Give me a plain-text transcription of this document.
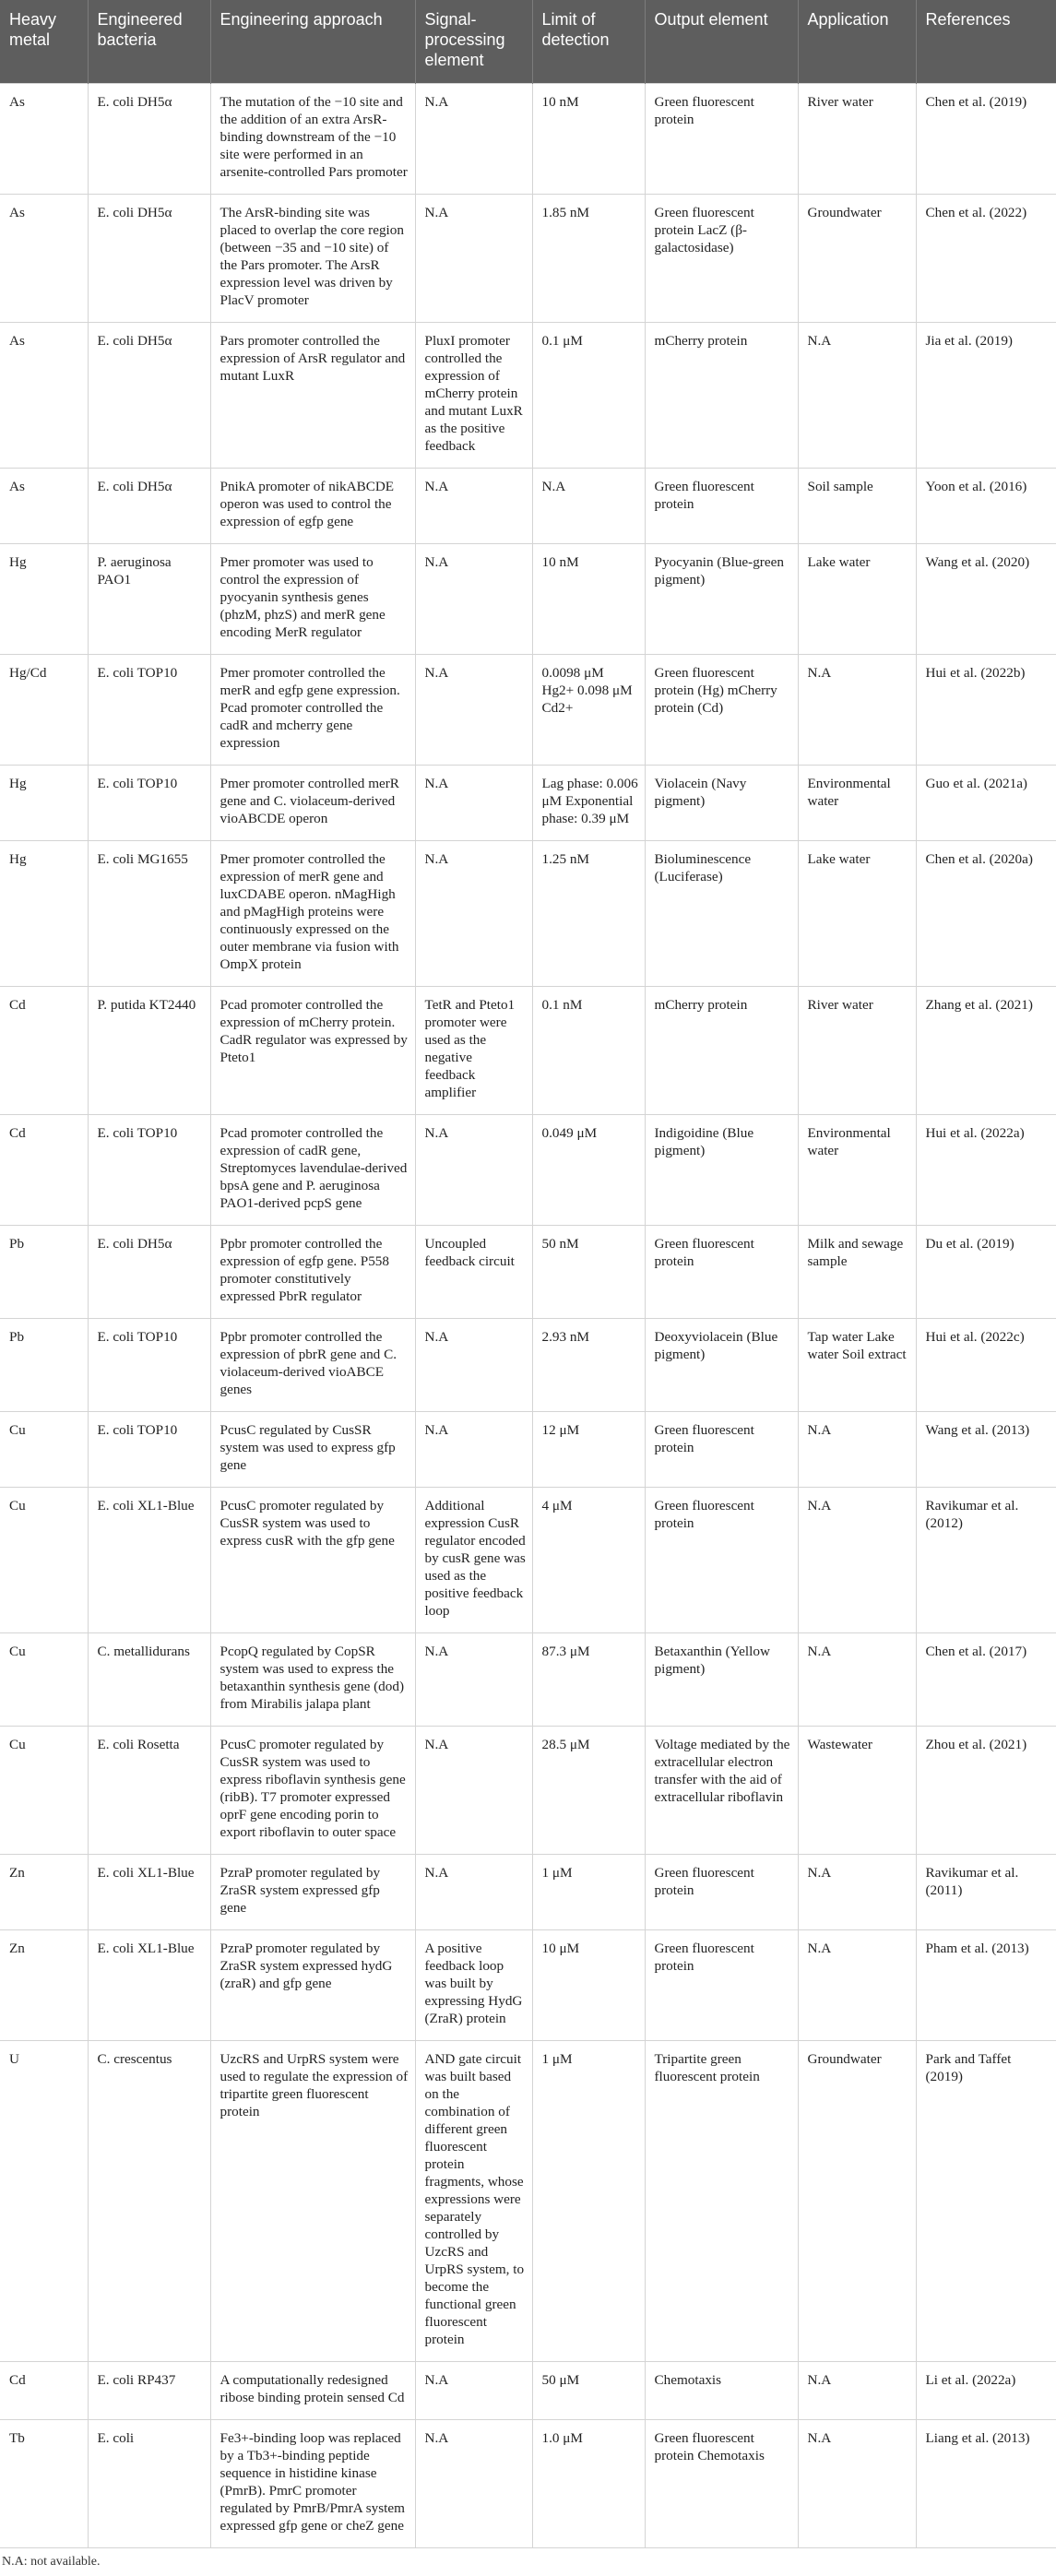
Heavy metal	Engineered bacteria	Engineering approach	Signal-processing element	Limit of detection	Output element	Application	References
As	E. coli DH5α	The mutation of the −10 site and the addition of an extra ArsR-binding downstream of the −10 site were performed in an arsenite-controlled Pars promoter	N.A	10 nM	Green fluorescent protein	River water	Chen et al. (2019)
As	E. coli DH5α	The ArsR-binding site was placed to overlap the core region (between −35 and −10 site) of the Pars promoter. The ArsR expression level was driven by PlacV promoter	N.A	1.85 nM	Green fluorescent protein LacZ (β-galactosidase)	Groundwater	Chen et al. (2022)
As	E. coli DH5α	Pars promoter controlled the expression of ArsR regulator and mutant LuxR	PluxI promoter controlled the expression of mCherry protein and mutant LuxR as the positive feedback	0.1 μM	mCherry protein	N.A	Jia et al. (2019)
As	E. coli DH5α	PnikA promoter of nikABCDE operon was used to control the expression of egfp gene	N.A	N.A	Green fluorescent protein	Soil sample	Yoon et al. (2016)
Hg	P. aeruginosa PAO1	Pmer promoter was used to control the expression of pyocyanin synthesis genes (phzM, phzS) and merR gene encoding MerR regulator	N.A	10 nM	Pyocyanin (Blue-green pigment)	Lake water	Wang et al. (2020)
Hg/Cd	E. coli TOP10	Pmer promoter controlled the merR and egfp gene expression. Pcad promoter controlled the cadR and mcherry gene expression	N.A	0.0098 μM Hg2+ 0.098 μM Cd2+	Green fluorescent protein (Hg) mCherry protein (Cd)	N.A	Hui et al. (2022b)
Hg	E. coli TOP10	Pmer promoter controlled merR gene and C. violaceum-derived vioABCDE operon	N.A	Lag phase: 0.006 μM Exponential phase: 0.39 μM	Violacein (Navy pigment)	Environmental water	Guo et al. (2021a)
Hg	E. coli MG1655	Pmer promoter controlled the expression of merR gene and luxCDABE operon. nMagHigh and pMagHigh proteins were continuously expressed on the outer membrane via fusion with OmpX protein	N.A	1.25 nM	Bioluminescence (Luciferase)	Lake water	Chen et al. (2020a)
Cd	P. putida KT2440	Pcad promoter controlled the expression of mCherry protein. CadR regulator was expressed by Ptetо1	TetR and Ptetо1 promoter were used as the negative feedback amplifier	0.1 nM	mCherry protein	River water	Zhang et al. (2021)
Cd	E. coli TOP10	Pcad promoter controlled the expression of cadR gene, Streptomyces lavendulae-derived bpsA gene and P. aeruginosa PAO1-derived pcpS gene	N.A	0.049 μM	Indigoidine (Blue pigment)	Environmental water	Hui et al. (2022a)
Pb	E. coli DH5α	Ppbr promoter controlled the expression of egfp gene. P558 promoter constitutively expressed PbrR regulator	Uncoupled feedback circuit	50 nM	Green fluorescent protein	Milk and sewage sample	Du et al. (2019)
Pb	E. coli TOP10	Ppbr promoter controlled the expression of pbrR gene and C. violaceum-derived vioABCE genes	N.A	2.93 nM	Deoxyviolacein (Blue pigment)	Tap water Lake water Soil extract	Hui et al. (2022c)
Cu	E. coli TOP10	PcusC regulated by CusSR system was used to express gfp gene	N.A	12 μM	Green fluorescent protein	N.A	Wang et al. (2013)
Cu	E. coli XL1-Blue	PcusC promoter regulated by CusSR system was used to express cusR with the gfp gene	Additional expression CusR regulator encoded by cusR gene was used as the positive feedback loop	4 μM	Green fluorescent protein	N.A	Ravikumar et al. (2012)
Cu	C. metallidurans	PcopQ regulated by CopSR system was used to express the betaxanthin synthesis gene (dod) from Mirabilis jalapa plant	N.A	87.3 μM	Betaxanthin (Yellow pigment)	N.A	Chen et al. (2017)
Cu	E. coli Rosetta	PcusC promoter regulated by CusSR system was used to express riboflavin synthesis gene (ribB). T7 promoter expressed oprF gene encoding porin to export riboflavin to outer space	N.A	28.5 μM	Voltage mediated by the extracellular electron transfer with the aid of extracellular riboflavin	Wastewater	Zhou et al. (2021)
Zn	E. coli XL1-Blue	PzraP promoter regulated by ZraSR system expressed gfp gene	N.A	1 μM	Green fluorescent protein	N.A	Ravikumar et al. (2011)
Zn	E. coli XL1-Blue	PzraP promoter regulated by ZraSR system expressed hydG (zraR) and gfp gene	A positive feedback loop was built by expressing HydG (ZraR) protein	10 μM	Green fluorescent protein	N.A	Pham et al. (2013)
U	C. crescentus	UzcRS and UrpRS system were used to regulate the expression of tripartite green fluorescent protein	AND gate circuit was built based on the combination of different green fluorescent protein fragments, whose expressions were separately controlled by UzcRS and UrpRS system, to become the functional green fluorescent protein	1 μM	Tripartite green fluorescent protein	Groundwater	Park and Taffet (2019)
Cd	E. coli RP437	A computationally redesigned ribose binding protein sensed Cd	N.A	50 μM	Chemotaxis	N.A	Li et al. (2022a)
Tb	E. coli	Fe3+-binding loop was replaced by a Tb3+-binding peptide sequence in histidine kinase (PmrB). PmrC promoter regulated by PmrB/PmrA system expressed gfp gene or cheZ gene	N.A	1.0 μM	Green fluorescent protein Chemotaxis	N.A	Liang et al. (2013)
N.A: not available.
